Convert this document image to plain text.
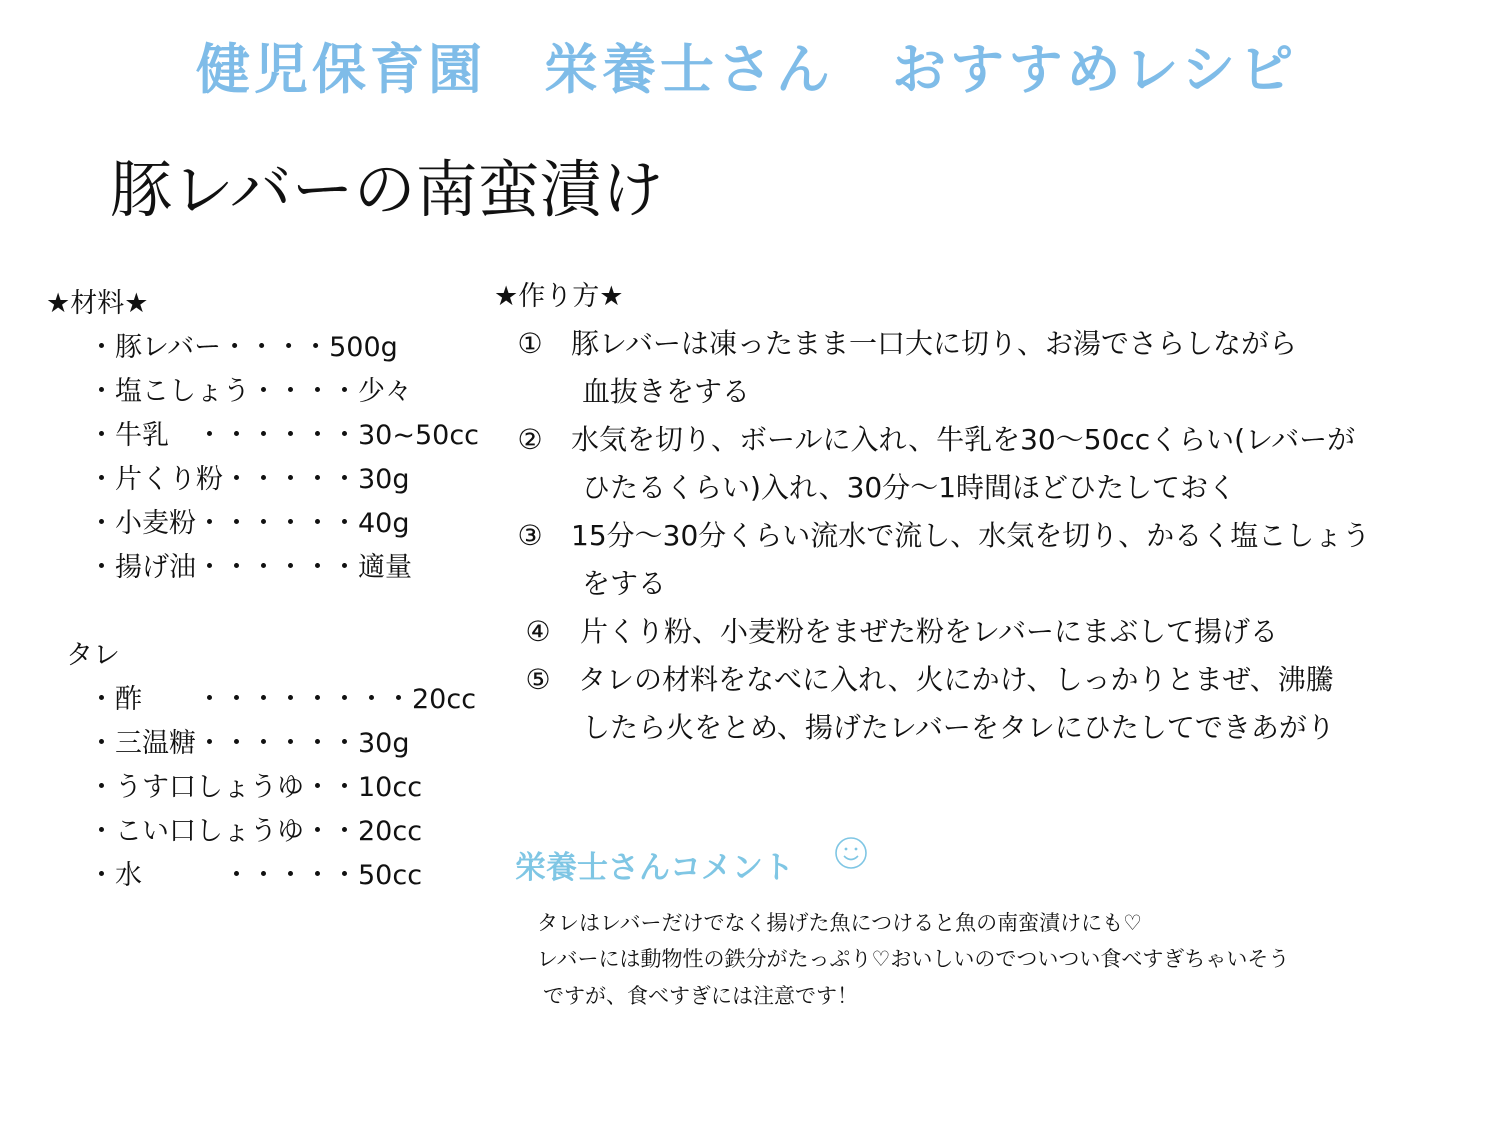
健児保育園　栄養士さん　おすすめレシピ
豚レバーの南蛮漬け
★材料★
・豚レバー・・・・500g
・塩こしょう・・・・少々
・牛乳　・・・・・・30~50cc
・片くり粉・・・・・30g
・小麦粉・・・・・・40g
・揚げ油・・・・・・適量
タレ
・酢　　・・・・・・・・20cc
・三温糖・・・・・・30g
・うす口しょうゆ・・10cc
・こい口しょうゆ・・20cc
・水　　　・・・・・50cc
★作り方★
① 豚レバーは凍ったまま一口大に切り、お湯でさらしながら
血抜きをする
② 水気を切り、ボールに入れ、牛乳を30～50ccくらい(レバーが
ひたるくらい)入れ、30分～1時間ほどひたしておく
③ 15分～30分くらい流水で流し、水気を切り、かるく塩こしょう
をする
④ 片くり粉、小麦粉をまぜた粉をレバーにまぶして揚げる
⑤ タレの材料をなべに入れ、火にかけ、しっかりとまぜ、沸騰
したら火をとめ、揚げたレバーをタレにひたしてできあがり
栄養士さんコメント
タレはレバーだけでなく揚げた魚につけると魚の南蛮漬けにも♡
レバーには動物性の鉄分がたっぷり♡おいしいのでついつい食べすぎちゃいそう
ですが、食べすぎには注意です！
